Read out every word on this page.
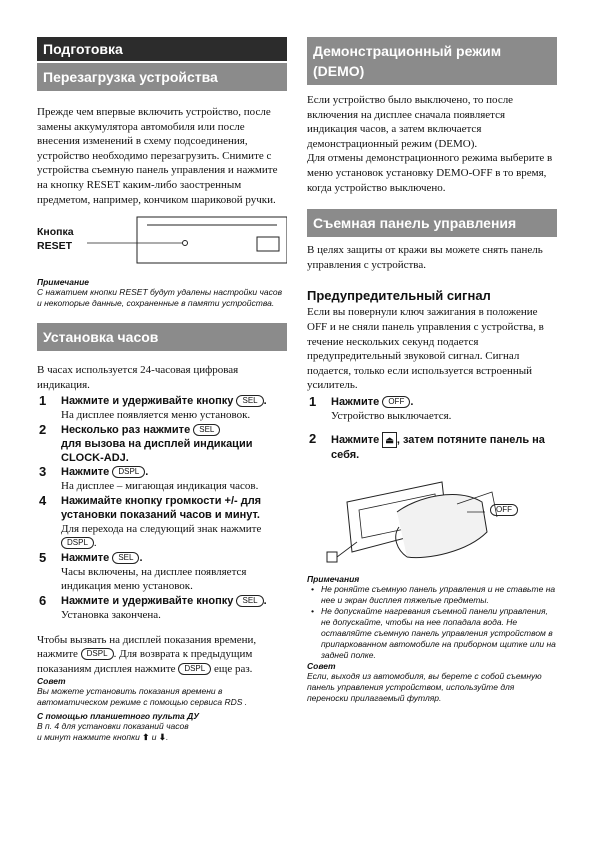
Подготовка
Перезагрузка устройства
Прежде чем впервые включить устройство, после замены аккумулятора автомобиля или после внесения изменений в схему подсоединения, устройство необходимо перезагрузить. Снимите с устройства съемную панель управления и нажмите на кнопку RESET каким-либо заостренным предметом, например, кончиком шариковой ручки.
Кнопка
RESET
Примечание
С нажатием кнопки RESET будут удалены настройки часов и некоторые данные, сохраненные в памяти устройства.
Установка часов
В часах используется 24-часовая цифровая индикация.
1 Нажмите и удерживайте кнопку SEL .
На дисплее появляется меню установок.
2 Несколько раз нажмите SEL
для вызова на дисплей индикации CLOCK-ADJ.
3 Нажмите DSPL .
На дисплее – мигающая индикация часов.
4 Нажимайте кнопку громкости +/- для установки показаний часов и минут.
Для перехода на следующий знак нажмите DSPL .
5 Нажмите SEL .
Часы включены, на дисплее появляется индикация меню установок.
6 Нажмите и удерживайте кнопку SEL .
Установка закончена.
Чтобы вызвать на дисплей показания времени, нажмите DSPL . Для возврата к предыдущим показаниям дисплея нажмите DSPL еще раз.
Совет
Вы можете установить показания времени в автоматическом режиме с помощью сервиса RDS .
С помощью планшетного пульта ДУ
В п. 4 для установки показаний часов
и минут нажмите кнопки ⬆ и ⬇.
Демонстрационный режим (DEMO)
Если устройство было выключено, то после включения на дисплее сначала появляется индикация часов, а затем включается демонстрационный режим (DEMO).
Для отмены демонстрационного режима выберите в меню установок установку DEMO-OFF в то время, когда устройство выключено.
Съемная панель управления
В целях защиты от кражи вы можете снять панель управления с устройства.
Предупредительный сигнал
Если вы повернули ключ зажигания в положение OFF и не сняли панель управления с устройства, в течение нескольких секунд подается предупредительный звуковой сигнал. Сигнал подается, только если используется встроенный усилитель.
1 Нажмите OFF .
Устройство выключается.
2 Нажмите ⏏ , затем потяните панель на себя.
OFF
Примечания
• Не роняйте съемную панель управления и не ставьте на нее и экран дисплея тяжелые предметы.
• Не допускайте нагревания съемной панели управления, не допускайте, чтобы на нее попадала вода. Не оставляйте съемную панель управления устройством в припаркованном автомобиле на приборном щитке или на задней полке.
Совет
Если, выходя из автомобиля, вы берете с собой съемную панель управления устройством, используйте для переноски прилагаемый футляр.
